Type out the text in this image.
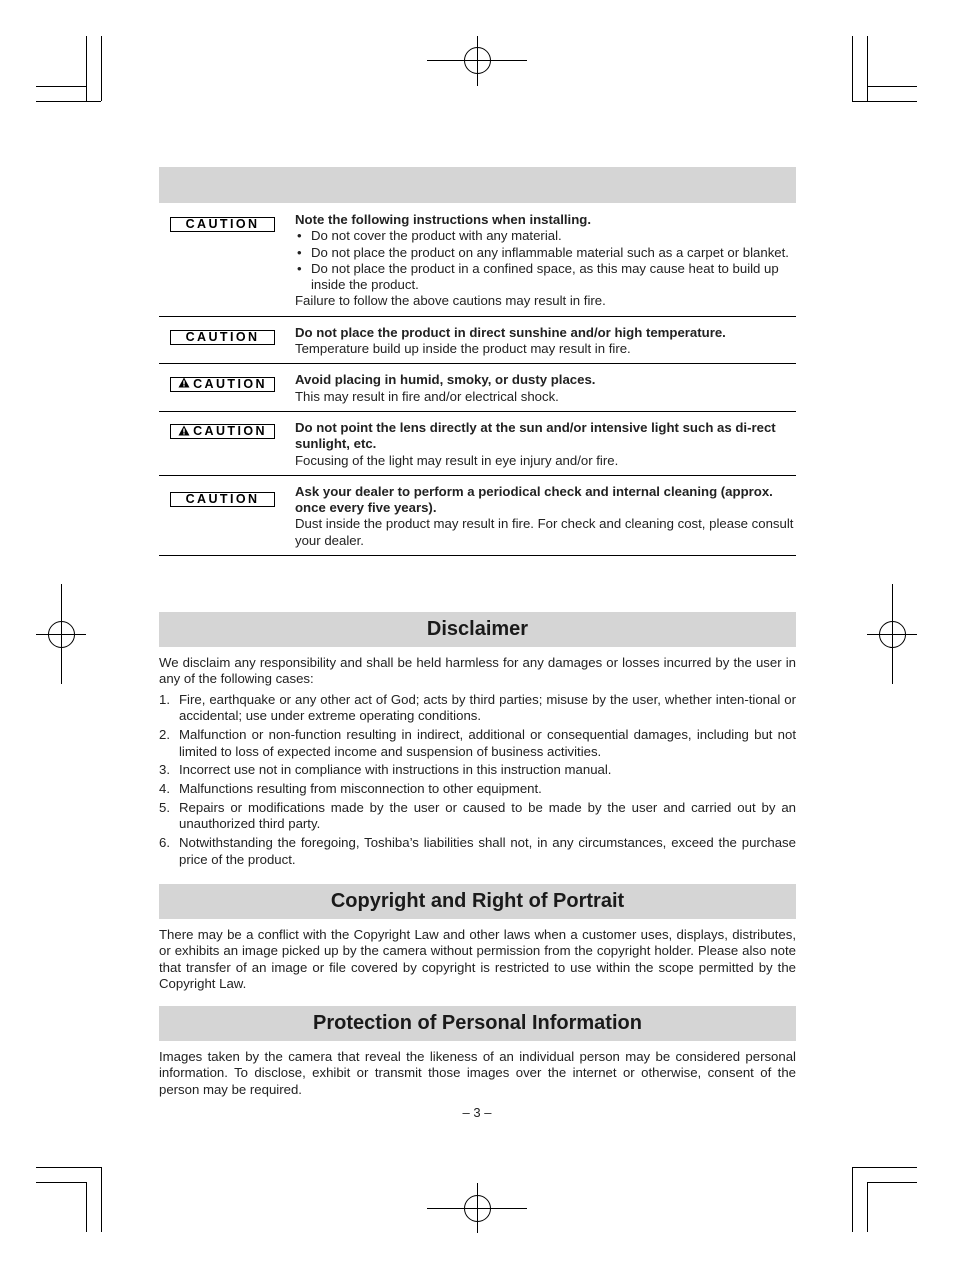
CAUTION	Note the following instructions when installing.
• Do not cover the product with any material.
• Do not place the product on any inflammable material such as a carpet or blanket.
• Do not place the product in a confined space, as this may cause heat to build up inside the product.
Failure to follow the above cautions may result in fire.
CAUTION	Do not place the product in direct sunshine and/or high temperature.
Temperature build up inside the product may result in fire.
CAUTION Avoid placing in humid, smoky, or dusty places.
This may result in fire and/or electrical shock.
CAUTION Do not point the lens directly at the sun and/or intensive light such as di-rect sunlight, etc.
Focusing of the light may result in eye injury and/or fire.
CAUTION	Ask your dealer to perform a periodical check and internal cleaning (approx. once every five years).
Dust inside the product may result in fire. For check and cleaning cost, please consult your dealer.
Disclaimer
We disclaim any responsibility and shall be held harmless for any damages or losses incurred by the user in any of the following cases:
1. Fire, earthquake or any other act of God; acts by third parties; misuse by the user, whether inten-tional or accidental; use under extreme operating conditions.
2. Malfunction or non-function resulting in indirect, additional or consequential damages, including but not limited to loss of expected income and suspension of business activities.
3. Incorrect use not in compliance with instructions in this instruction manual.
4. Malfunctions resulting from misconnection to other equipment.
5. Repairs or modifications made by the user or caused to be made by the user and carried out by an unauthorized third party.
6. Notwithstanding the foregoing, Toshiba’s liabilities shall not, in any circumstances, exceed the purchase price of the product.
Copyright and Right of Portrait
There may be a conflict with the Copyright Law and other laws when a customer uses, displays, distributes, or exhibits an image picked up by the camera without permission from the copyright holder. Please also note that transfer of an image or file covered by copyright is restricted to use within the scope permitted by the Copyright Law.
Protection of Personal Information
Images taken by the camera that reveal the likeness of an individual person may be considered personal information. To disclose, exhibit or transmit those images over the internet or otherwise, consent of the person may be required.
– 3 –
